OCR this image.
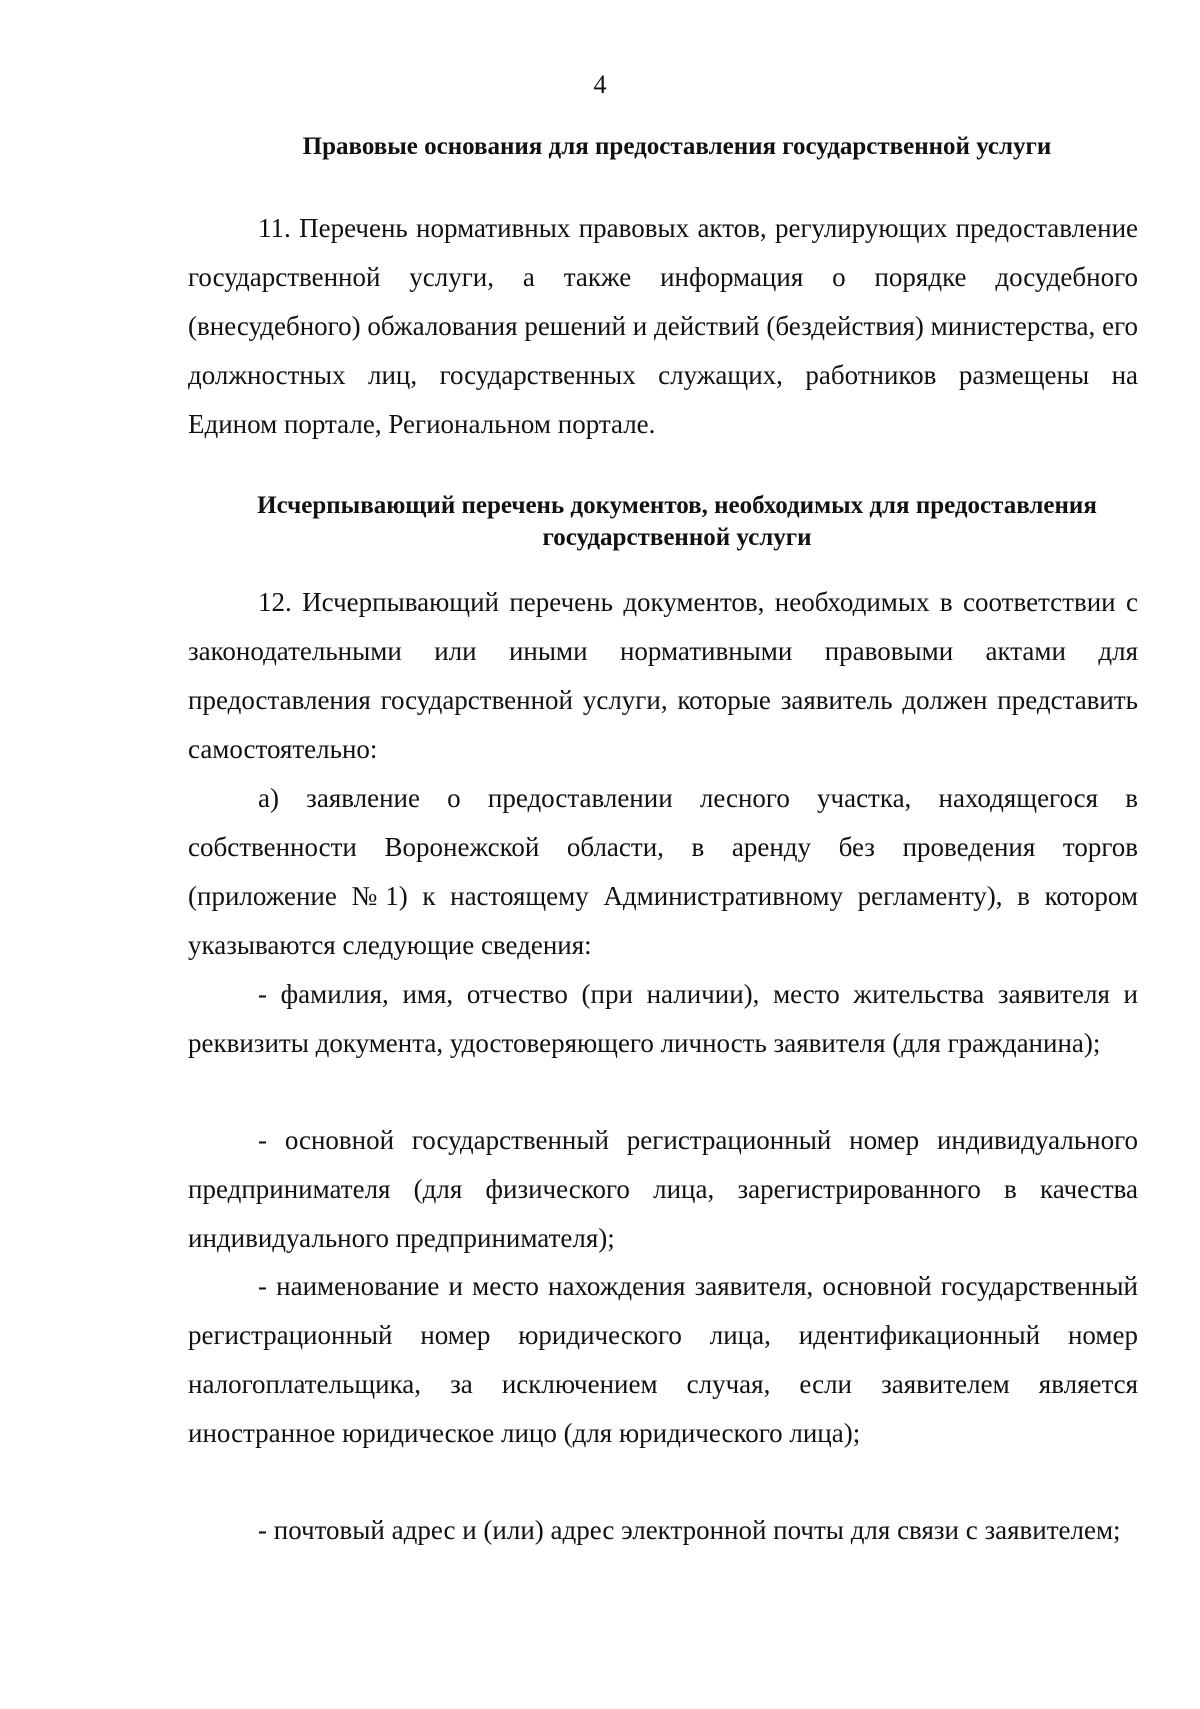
4
Правовые основания для предоставления государственной услуги
11. Перечень нормативных правовых актов, регулирующих предоставление государственной услуги, а также информация о порядке досудебного (внесудебного) обжалования решений и действий (бездействия) министерства, его должностных лиц, государственных служащих, работников размещены на Едином портале, Региональном портале.
Исчерпывающий перечень документов, необходимых для предоставления государственной услуги
12. Исчерпывающий перечень документов, необходимых в соответствии с законодательными или иными нормативными правовыми актами для предоставления государственной услуги, которые заявитель должен представить самостоятельно:
а) заявление о предоставлении лесного участка, находящегося в собственности Воронежской области, в аренду без проведения торгов (приложение №1) к настоящему Административному регламенту), в котором указываются следующие сведения:
- фамилия, имя, отчество (при наличии), место жительства заявителя и реквизиты документа, удостоверяющего личность заявителя (для гражданина);
- основной государственный регистрационный номер индивидуального предпринимателя (для физического лица, зарегистрированного в качества индивидуального предпринимателя);
- наименование и место нахождения заявителя, основной государственный регистрационный номер юридического лица, идентификационный номер налогоплательщика, за исключением случая, если заявителем является иностранное юридическое лицо (для юридического лица);
- почтовый адрес и (или) адрес электронной почты для связи с заявителем;
